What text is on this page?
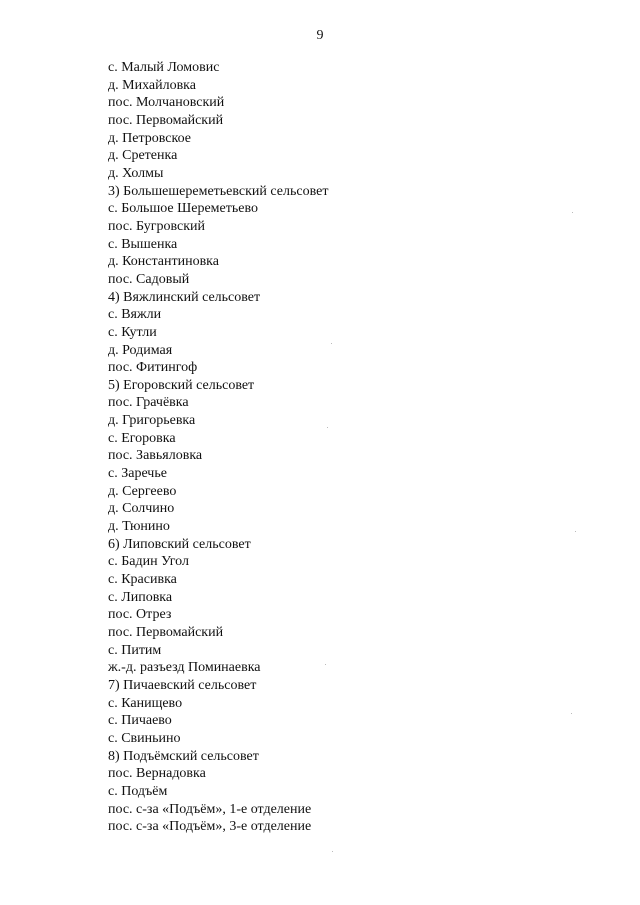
9
с. Малый Ломовис
д. Михайловка
пос. Молчановский
пос. Первомайский
д. Петровское
д. Сретенка
д. Холмы
3) Большешереметьевский сельсовет
с. Большое Шереметьево
пос. Бугровский
с. Вышенка
д. Константиновка
пос. Садовый
4) Вяжлинский сельсовет
с. Вяжли
с. Кутли
д. Родимая
пос. Фитингоф
5) Егоровский сельсовет
пос. Грачёвка
д. Григорьевка
с. Егоровка
пос. Завьяловка
с. Заречье
д. Сергеево
д. Солчино
д. Тюнино
6) Липовский сельсовет
с. Бадин Угол
с. Красивка
с. Липовка
пос. Отрез
пос. Первомайский
с. Питим
ж.-д. разъезд Поминаевка
7) Пичаевский сельсовет
с. Канищево
с. Пичаево
с. Свиньино
8) Подъёмский сельсовет
пос. Вернадовка
с. Подъём
пос. с-за «Подъём», 1-е отделение
пос. с-за «Подъём», 3-е отделение
